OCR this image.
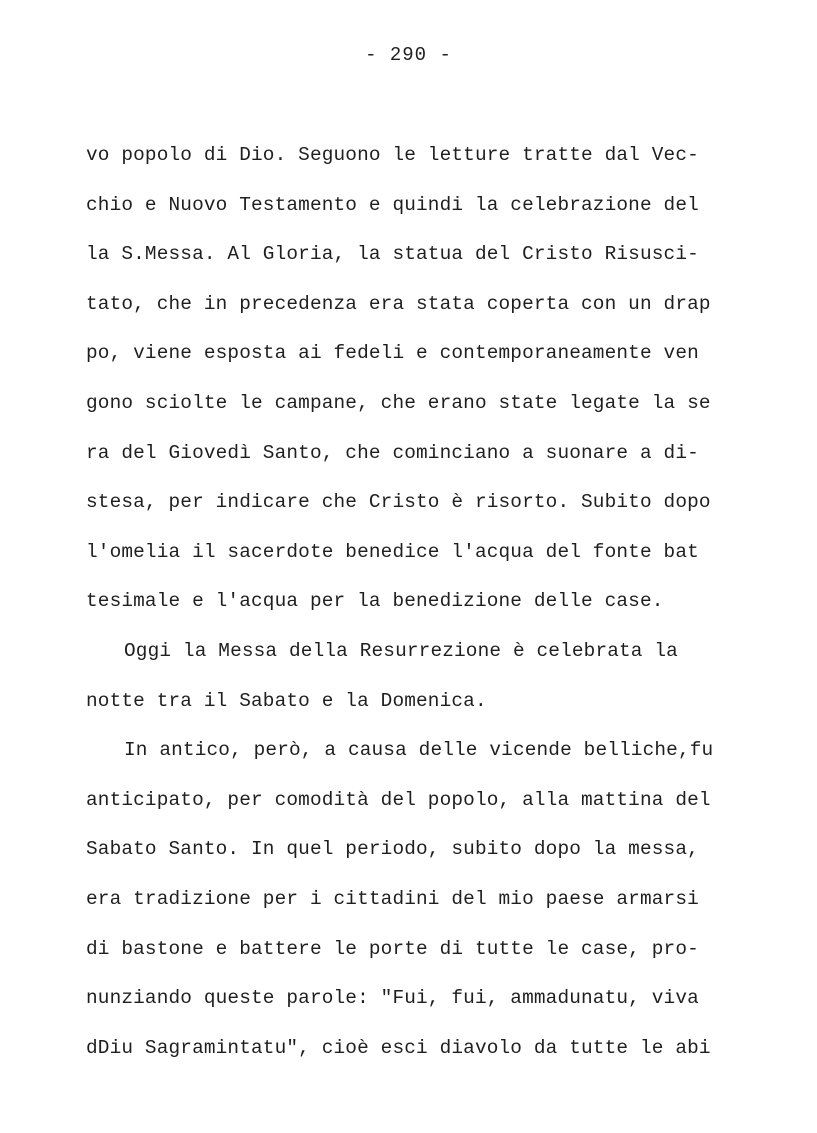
- 290 -
vo popolo di Dio. Seguono le letture tratte dal Vec-
chio e Nuovo Testamento e quindi la celebrazione del
la S.Messa. Al Gloria, la statua del Cristo Risusci-
tato, che in precedenza era stata coperta con un drap
po, viene esposta ai fedeli e contemporaneamente ven
gono sciolte le campane, che erano state legate la se
ra del Giovedì Santo, che cominciano a suonare a di-
stesa, per indicare che Cristo è risorto. Subito dopo
l'omelia il sacerdote benedice l'acqua del fonte bat
tesimale e l'acqua per la benedizione delle case.
Oggi la Messa della Resurrezione è celebrata la
notte tra il Sabato e la Domenica.
In antico, però, a causa delle vicende belliche,fu
anticipato, per comodità del popolo, alla mattina del
Sabato Santo. In quel periodo, subito dopo la messa,
era tradizione per i cittadini del mio paese armarsi
di bastone e battere le porte di tutte le case, pro-
nunziando queste parole: "Fui, fui, ammadunatu, viva
dDiu Sagramintatu", cioè esci diavolo da tutte le abi
